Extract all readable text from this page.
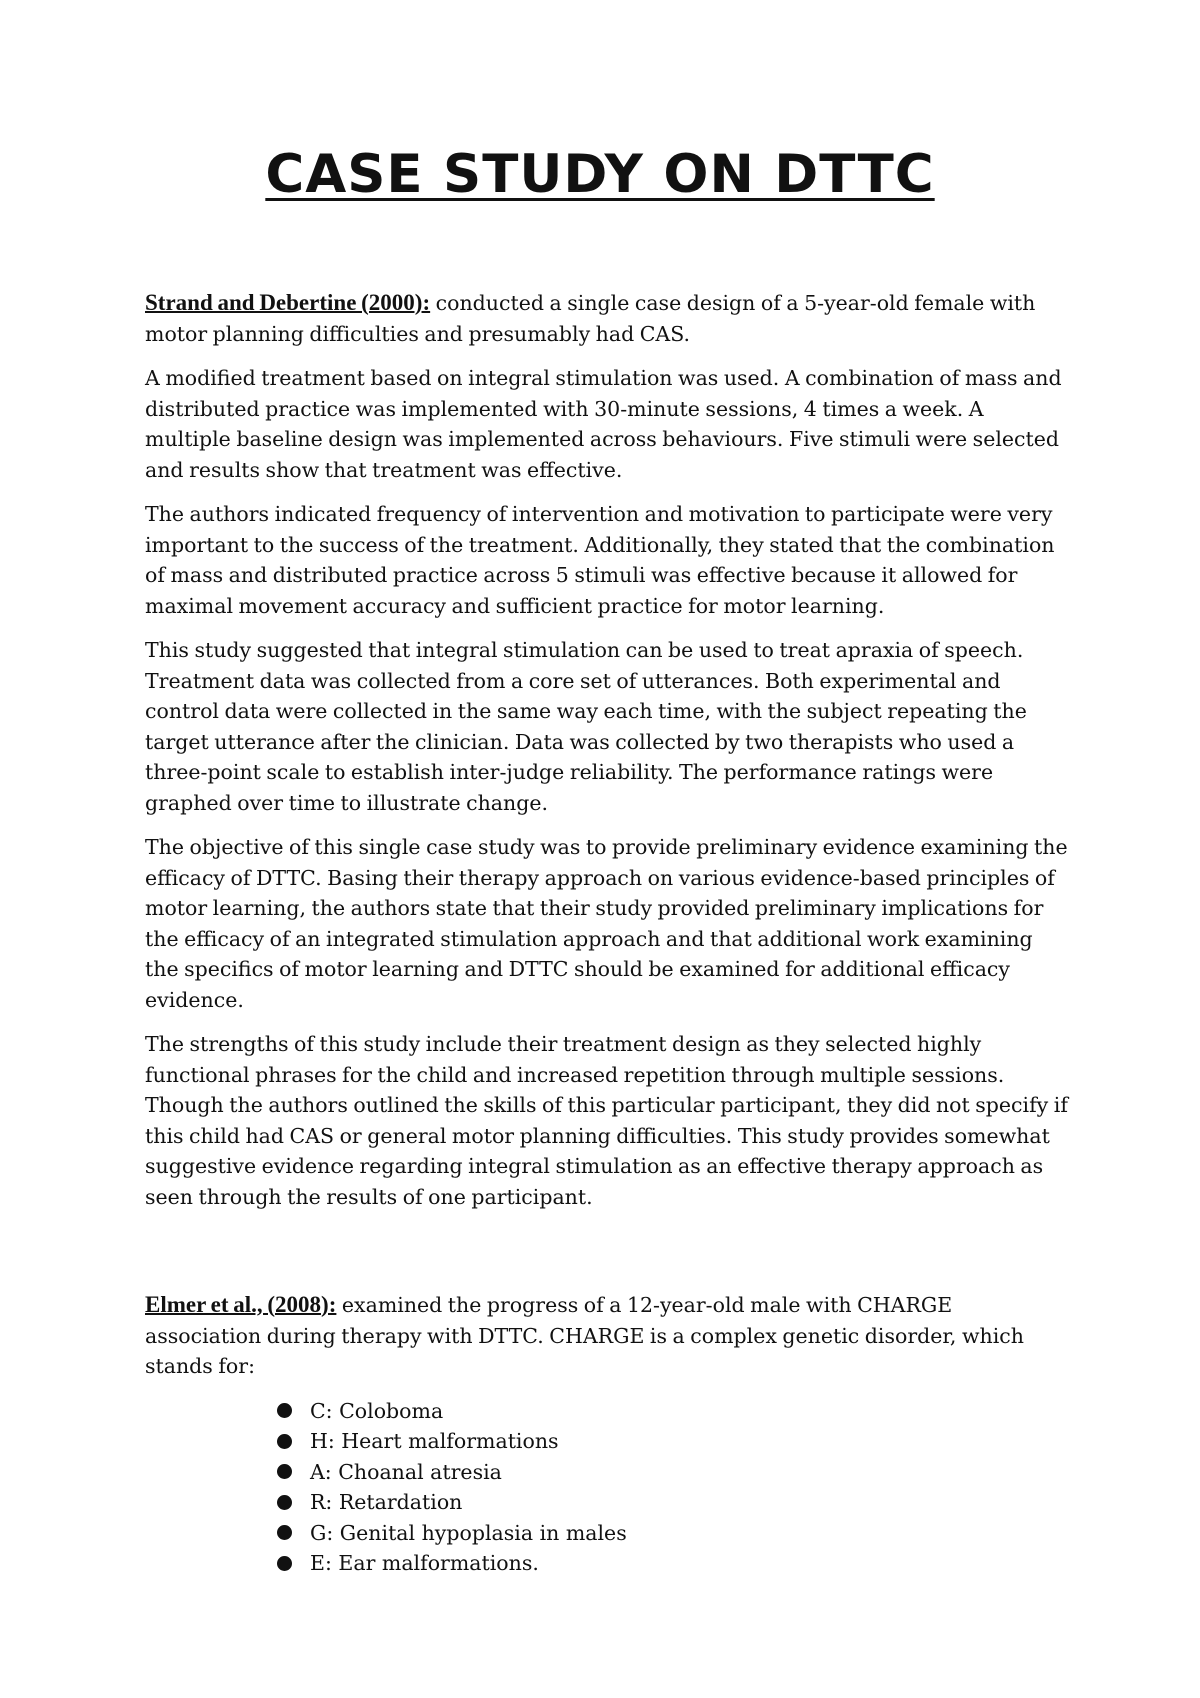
CASE STUDY ON DTTC

Strand and Debertine (2000): conducted a single case design of a 5-year-old female with motor planning difficulties and presumably had CAS.

A modified treatment based on integral stimulation was used. A combination of mass and distributed practice was implemented with 30-minute sessions, 4 times a week. A multiple baseline design was implemented across behaviours. Five stimuli were selected and results show that treatment was effective.

The authors indicated frequency of intervention and motivation to participate were very important to the success of the treatment. Additionally, they stated that the combination of mass and distributed practice across 5 stimuli was effective because it allowed for maximal movement accuracy and sufficient practice for motor learning.

This study suggested that integral stimulation can be used to treat apraxia of speech. Treatment data was collected from a core set of utterances. Both experimental and control data were collected in the same way each time, with the subject repeating the target utterance after the clinician. Data was collected by two therapists who used a three-point scale to establish inter-judge reliability. The performance ratings were graphed over time to illustrate change.

The objective of this single case study was to provide preliminary evidence examining the efficacy of DTTC. Basing their therapy approach on various evidence-based principles of motor learning, the authors state that their study provided preliminary implications for the efficacy of an integrated stimulation approach and that additional work examining the specifics of motor learning and DTTC should be examined for additional efficacy evidence.

The strengths of this study include their treatment design as they selected highly functional phrases for the child and increased repetition through multiple sessions. Though the authors outlined the skills of this particular participant, they did not specify if this child had CAS or general motor planning difficulties. This study provides somewhat suggestive evidence regarding integral stimulation as an effective therapy approach as seen through the results of one participant.

Elmer et al., (2008): examined the progress of a 12-year-old male with CHARGE association during therapy with DTTC. CHARGE is a complex genetic disorder, which stands for:

C: Coloboma
H: Heart malformations
A: Choanal atresia
R: Retardation
G: Genital hypoplasia in males
E: Ear malformations.
